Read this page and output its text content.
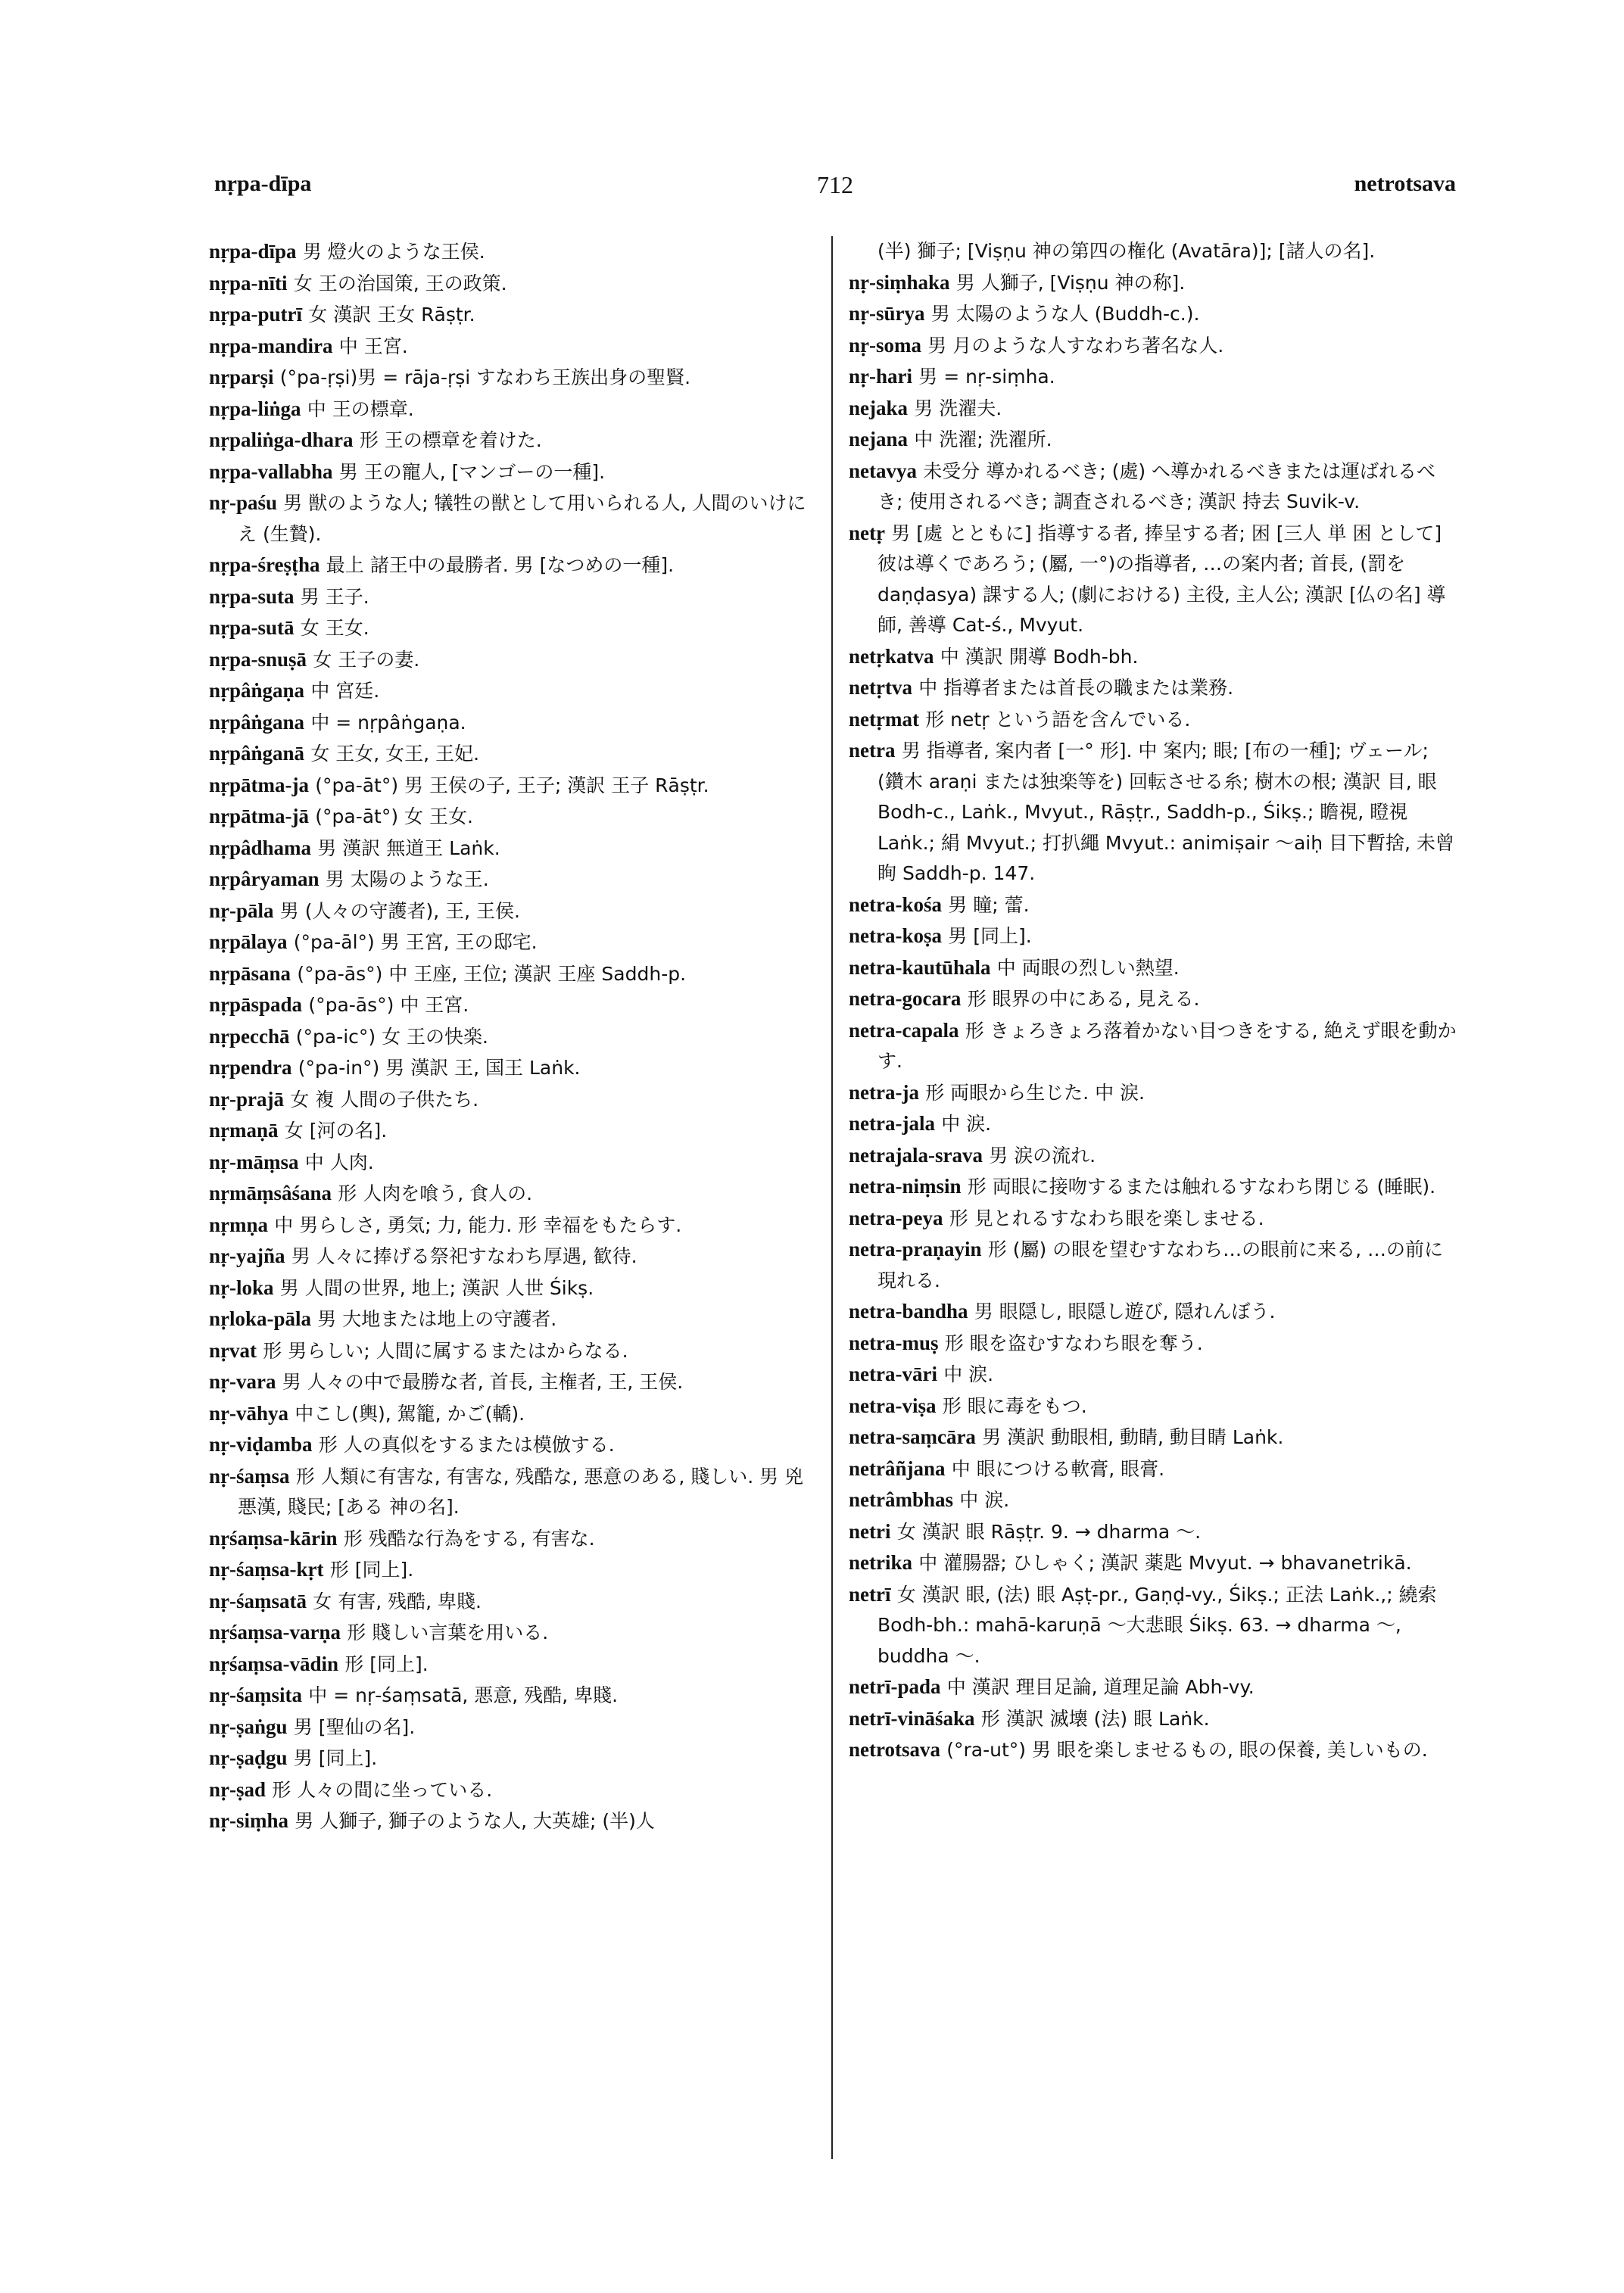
nṛpa-dīpa	712	netrotsava

nṛpa-dīpa 男 燈火のような王侯.

nṛpa-nīti 女 王の治国策, 王の政策.

nṛpa-putrī 女 漢訳 王女 Rāṣṭr.

nṛpa-mandira 中 王宮.

nṛparṣi (°pa-ṛṣi)男 = rāja-ṛṣi すなわち王族出身の聖賢.

nṛpa-liṅga 中 王の標章.

nṛpaliṅga-dhara 形 王の標章を着けた.

nṛpa-vallabha 男 王の寵人, [マンゴーの一種].

nṛ-paśu 男 獣のような人; 犠牲の獣として用いられる人, 人間のいけにえ (生贄).

nṛpa-śreṣṭha 最上 諸王中の最勝者. 男 [なつめの一種].

nṛpa-suta 男 王子.

nṛpa-sutā 女 王女.

nṛpa-snuṣā 女 王子の妻.

nṛpâṅgaṇa 中 宮廷.

nṛpâṅgana 中 = nṛpâṅgaṇa.

nṛpâṅganā 女 王女, 女王, 王妃.

nṛpātma-ja (°pa-āt°) 男 王侯の子, 王子; 漢訳 王子 Rāṣṭr.

nṛpātma-jā (°pa-āt°) 女 王女.

nṛpâdhama 男 漢訳 無道王 Laṅk.

nṛpâryaman 男 太陽のような王.

nṛ-pāla 男 (人々の守護者), 王, 王侯.

nṛpālaya (°pa-āl°) 男 王宮, 王の邸宅.

nṛpāsana (°pa-ās°) 中 王座, 王位; 漢訳 王座 Saddh-p.

nṛpāspada (°pa-ās°) 中 王宮.

nṛpecchā (°pa-ic°) 女 王の快楽.

nṛpendra (°pa-in°) 男 漢訳 王, 国王 Laṅk.

nṛ-prajā 女 複 人間の子供たち.

nṛmaṇā 女 [河の名].

nṛ-māṃsa 中 人肉.

nṛmāṃsâśana 形 人肉を喰う, 食人の.

nṛmṇa 中 男らしさ, 勇気; 力, 能力. 形 幸福をもたらす.

nṛ-yajña 男 人々に捧げる祭祀すなわち厚遇, 歓待.

nṛ-loka 男 人間の世界, 地上; 漢訳 人世 Śikṣ.

nṛloka-pāla 男 大地または地上の守護者.

nṛvat 形 男らしい; 人間に属するまたはからなる.

nṛ-vara 男 人々の中で最勝な者, 首長, 主権者, 王, 王侯.

nṛ-vāhya 中こし(輿), 駕籠, かご(轎).

nṛ-viḍamba 形 人の真似をするまたは模倣する.

nṛ-śaṃsa 形 人類に有害な, 有害な, 残酷な, 悪意のある, 賤しい. 男 兇悪漢, 賤民; [ある 神の名].

nṛśaṃsa-kārin 形 残酷な行為をする, 有害な.

nṛ-śaṃsa-kṛt 形 [同上].

nṛ-śaṃsatā 女 有害, 残酷, 卑賤.

nṛśaṃsa-varṇa 形 賤しい言葉を用いる.

nṛśaṃsa-vādin 形 [同上].

nṛ-śaṃsita 中 = nṛ-śaṃsatā, 悪意, 残酷, 卑賤.

nṛ-ṣaṅgu 男 [聖仙の名].

nṛ-ṣaḍgu 男 [同上].

nṛ-ṣad 形 人々の間に坐っている.

nṛ-siṃha 男 人獅子, 獅子のような人, 大英雄; (半)人

(半) 獅子; [Viṣṇu 神の第四の権化 (Avatāra)]; [諸人の名].

nṛ-siṃhaka 男 人獅子, [Viṣṇu 神の称].

nṛ-sūrya 男 太陽のような人 (Buddh-c.).

nṛ-soma 男 月のような人すなわち著名な人.

nṛ-hari 男 = nṛ-siṃha.

nejaka 男 洗濯夫.

nejana 中 洗濯; 洗濯所.

netavya 未受分 導かれるべき; (處) へ導かれるべきまたは運ばれるべき; 使用されるべき; 調査されるべき; 漢訳 持去 Suvik-v.

netṛ 男 [處 とともに] 指導する者, 捧呈する者; 困 [三人 単 困 として] 彼は導くであろう; (屬, 一°)の指導者, …の案内者; 首長, (罰を daṇḍasya) 課する人; (劇における) 主役, 主人公; 漢訳 [仏の名] 導師, 善導 Cat-ś., Mvyut.

netṛkatva 中 漢訳 開導 Bodh-bh.

netṛtva 中 指導者または首長の職または業務.

netṛmat 形 netṛ という語を含んでいる.

netra 男 指導者, 案内者 [一° 形]. 中 案内; 眼; [布の一種]; ヴェール; (鑽木 araṇi または独楽等を) 回転させる糸; 樹木の根; 漢訳 目, 眼 Bodh-c., Laṅk., Mvyut., Rāṣṭr., Saddh-p., Śikṣ.; 瞻視, 瞪視 Laṅk.; 絹 Mvyut.; 打扒繩 Mvyut.: animiṣair ～aiḥ 目下暫捨, 未曾眴 Saddh-p. 147.

netra-kośa 男 瞳; 蕾.

netra-koṣa 男 [同上].

netra-kautūhala 中 両眼の烈しい熱望.

netra-gocara 形 眼界の中にある, 見える.

netra-capala 形 きょろきょろ落着かない目つきをする, 絶えず眼を動かす.

netra-ja 形 両眼から生じた. 中 涙.

netra-jala 中 涙.

netrajala-srava 男 涙の流れ.

netra-niṃsin 形 両眼に接吻するまたは触れるすなわち閉じる (睡眠).

netra-peya 形 見とれるすなわち眼を楽しませる.

netra-praṇayin 形 (屬) の眼を望むすなわち…の眼前に来る, …の前に現れる.

netra-bandha 男 眼隠し, 眼隠し遊び, 隠れんぼう.

netra-muṣ 形 眼を盗むすなわち眼を奪う.

netra-vāri 中 涙.

netra-viṣa 形 眼に毒をもつ.

netra-saṃcāra 男 漢訳 動眼相, 動睛, 動目睛 Laṅk.

netrâñjana 中 眼につける軟膏, 眼膏.

netrâmbhas 中 涙.

netri 女 漢訳 眼 Rāṣṭr. 9. → dharma ～.

netrika 中 灌腸器; ひしゃく; 漢訳 薬匙 Mvyut. → bhavanetrikā.

netrī 女 漢訳 眼, (法) 眼 Aṣṭ-pr., Gaṇḍ-vy., Śikṣ.; 正法 Laṅk.,; 繞索 Bodh-bh.: mahā-karuṇā ～大悲眼 Śikṣ. 63. → dharma ～, buddha ～.

netrī-pada 中 漢訳 理目足論, 道理足論 Abh-vy.

netrī-vināśaka 形 漢訳 滅壊 (法) 眼 Laṅk.

netrotsava (°ra-ut°) 男 眼を楽しませるもの, 眼の保養, 美しいもの.
